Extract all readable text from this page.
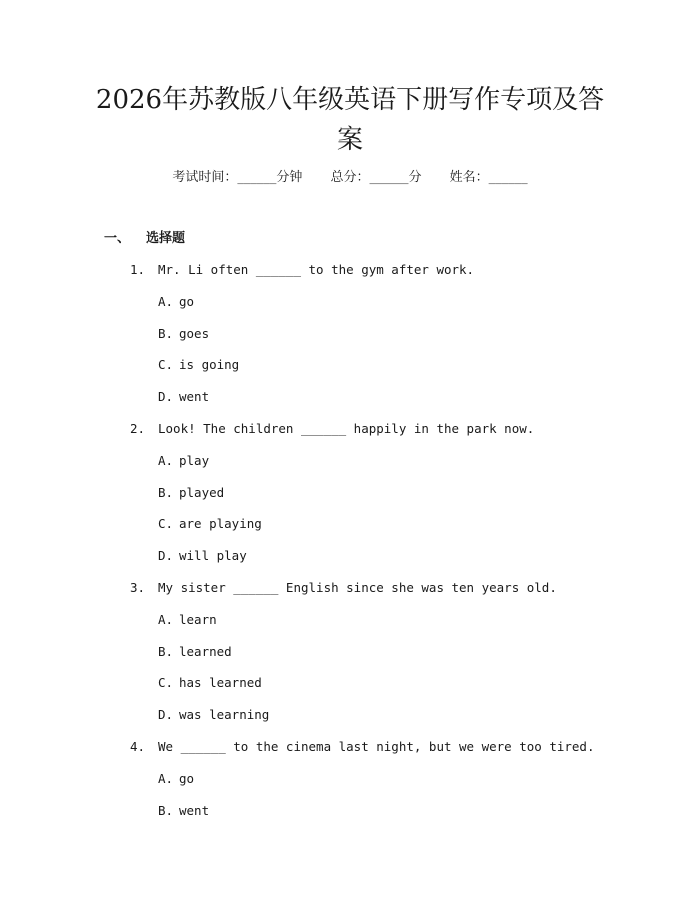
2026年苏教版八年级英语下册写作专项及答案
考试时间：______分钟 总分：______分 姓名：______
一、 选择题
1. Mr. Li often ______ to the gym after work.
A. go
B. goes
C. is going
D. went
2. Look! The children ______ happily in the park now.
A. play
B. played
C. are playing
D. will play
3. My sister ______ English since she was ten years old.
A. learn
B. learned
C. has learned
D. was learning
4. We ______ to the cinema last night, but we were too tired.
A. go
B. went
